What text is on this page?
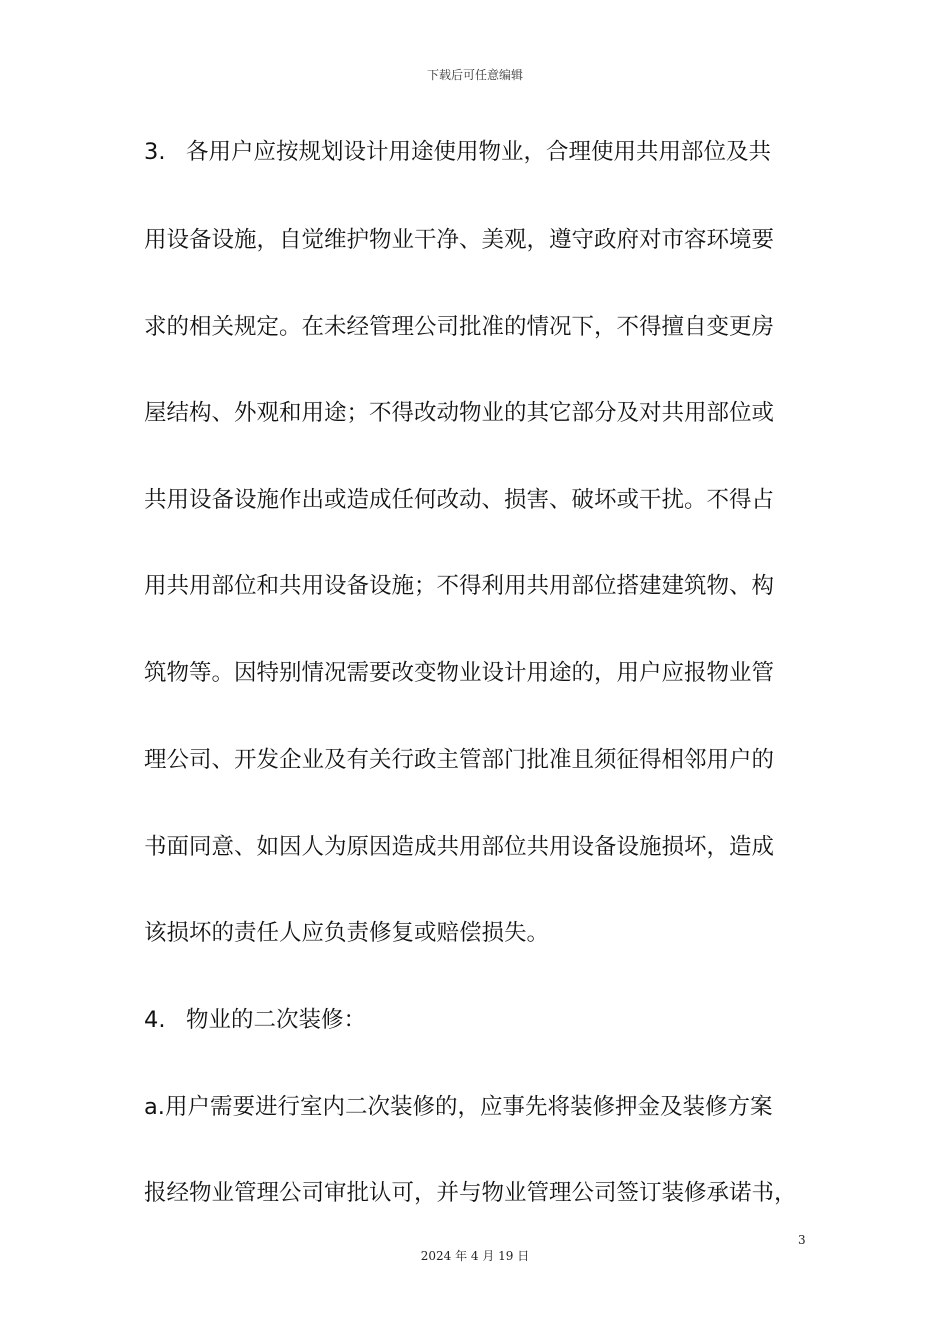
下载后可任意编辑
3. 各用户应按规划设计用途使用物业，合理使用共用部位及共
用设备设施，自觉维护物业干净、美观，遵守政府对市容环境要
求的相关规定。在未经管理公司批准的情况下，不得擅自变更房
屋结构、外观和用途；不得改动物业的其它部分及对共用部位或
共用设备设施作出或造成任何改动、损害、破坏或干扰。不得占
用共用部位和共用设备设施；不得利用共用部位搭建建筑物、构
筑物等。因特别情况需要改变物业设计用途的，用户应报物业管
理公司、开发企业及有关行政主管部门批准且须征得相邻用户的
书面同意、如因人为原因造成共用部位共用设备设施损坏，造成
该损坏的责任人应负责修复或赔偿损失。
4. 物业的二次装修：
a.用户需要进行室内二次装修的，应事先将装修押金及装修方案
报经物业管理公司审批认可，并与物业管理公司签订装修承诺书，
3
2024 年 4 月 19 日
